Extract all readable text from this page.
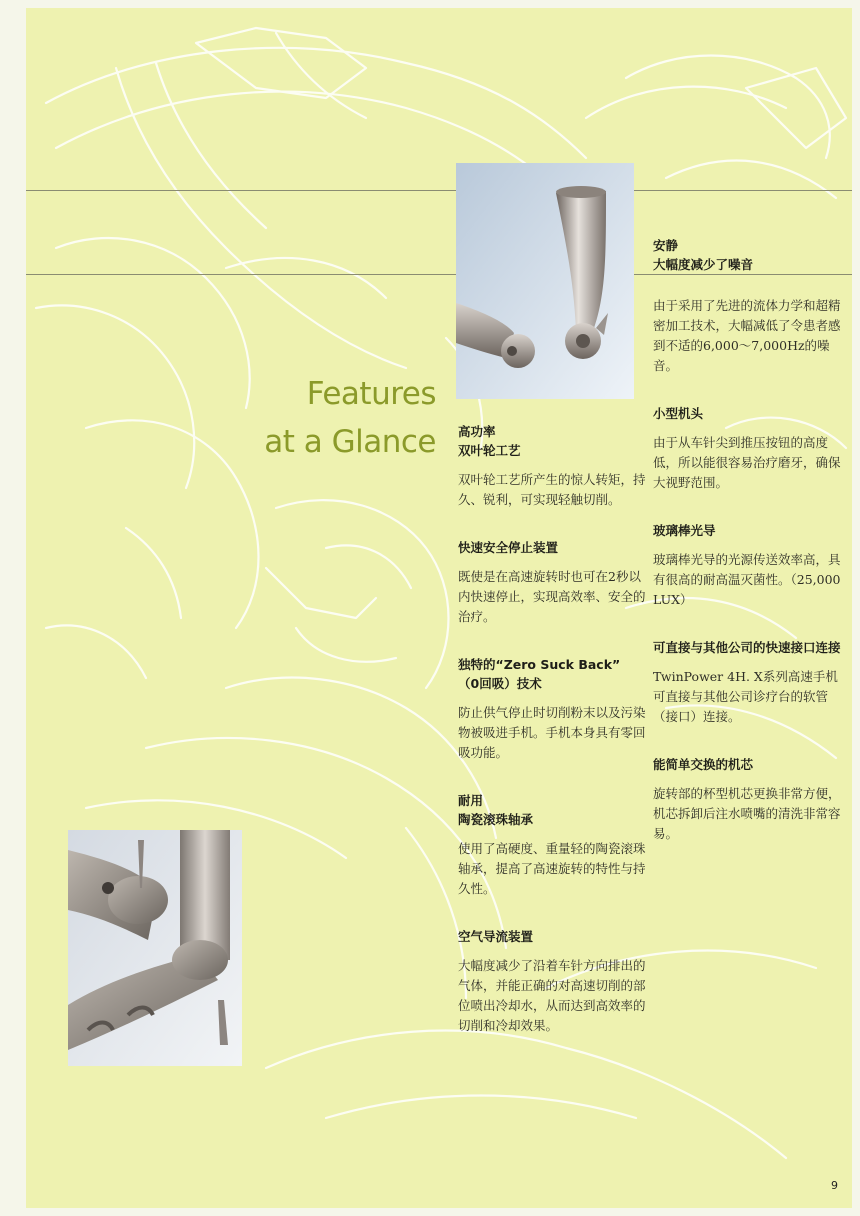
Features
at a Glance 高功率
双叶轮工艺
双叶轮工艺所产生的惊人转矩，持久、锐利，可实现轻触切削。
快速安全停止装置
既使是在高速旋转时也可在2秒以内快速停止，实现高效率、安全的治疗。
独特的“Zero Suck Back”
（0回吸）技术
防止供气停止时切削粉末以及污染物被吸进手机。手机本身具有零回吸功能。
耐用
陶瓷滚珠轴承
使用了高硬度、重量轻的陶瓷滚珠轴承，提高了高速旋转的特性与持久性。
空气导流装置
大幅度减少了沿着车针方向排出的气体，并能正确的对高速切削的部位喷出冷却水，从而达到高效率的切削和冷却效果。
安静
大幅度减少了噪音
由于采用了先进的流体力学和超精密加工技术，大幅减低了令患者感到不适的6,000～7,000Hz的噪音。
小型机头
由于从车针尖到推压按钮的高度低，所以能很容易治疗磨牙，确保大视野范围。
玻璃棒光导
玻璃棒光导的光源传送效率高，具有很高的耐高温灭菌性。（25,000 LUX）
可直接与其他公司的快速接口连接
TwinPower 4H. X系列高速手机可直接与其他公司诊疗台的软管（接口）连接。
能简单交换的机芯
旋转部的杯型机芯更换非常方便，机芯拆卸后注水喷嘴的清洗非常容易。
9
